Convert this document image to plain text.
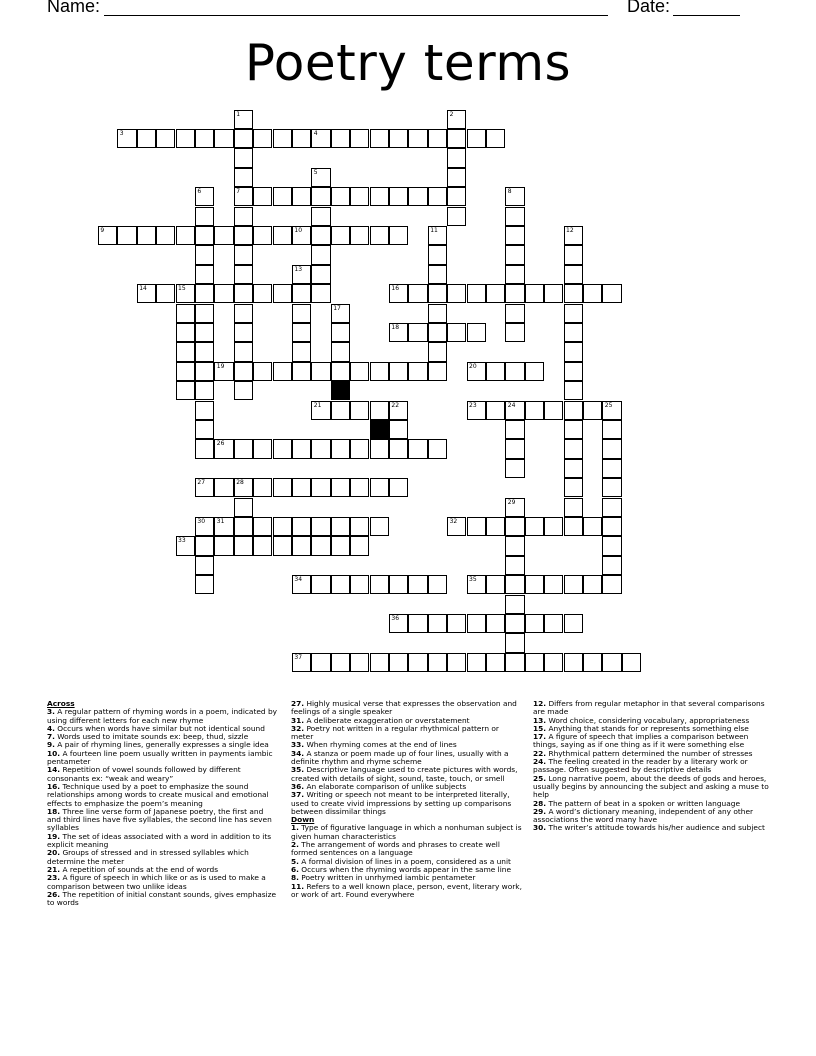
Name:	Date:
Poetry terms
1
7
2
3	4
5
6	8
9	10	11	12
13
14	15	16
17
18
19	20
21	22	23	24	25
26
27	28
29
30 31	32
33
34	35
36
37
Across
3. A regular pattern of rhyming words in a poem, indicated by using different letters for each new rhyme
4. Occurs when words have similar but not identical sound
7. Words used to imitate sounds ex: beep, thud, sizzle
9. A pair of rhyming lines, generally expresses a single idea
10. A fourteen line poem usually written in payments iambic pentameter
14. Repetition of vowel sounds followed by different consonants ex: “weak and weary”
16. Technique used by a poet to emphasize the sound relationships among words to create musical and emotional effects to emphasize the poem’s meaning
18. Three line verse form of Japanese poetry, the first and and third lines have five syllables, the second line has seven syllables
19. The set of ideas associated with a word in addition to its explicit meaning
20. Groups of stressed and in stressed syllables which determine the meter
21. A repetition of sounds at the end of words
23. A figure of speech in which like or as is used to make a comparison between two unlike ideas
26. The repetition of initial constant sounds, gives emphasize to words
27. Highly musical verse that expresses the observation and feelings of a single speaker
31. A deliberate exaggeration or overstatement
32. Poetry not written in a regular rhythmical pattern or meter
33. When rhyming comes at the end of lines
34. A stanza or poem made up of four lines, usually with a definite rhythm and rhyme scheme
35. Descriptive language used to create pictures with words, created with details of sight, sound, taste, touch, or smell
36. An elaborate comparison of unlike subjects
37. Writing or speech not meant to be interpreted literally, used to create vivid impressions by setting up comparisons between dissimilar things
Down
1. Type of figurative language in which a nonhuman subject is given human characteristics
2. The arrangement of words and phrases to create well formed sentences on a language
5. A formal division of lines in a poem, considered as a unit
6. Occurs when the rhyming words appear in the same line
8. Poetry written in unrhymed iambic pentameter
11. Refers to a well known place, person, event, literary work, or work of art. Found everywhere
12. Differs from regular metaphor in that several comparisons are made
13. Word choice, considering vocabulary, appropriateness
15. Anything that stands for or represents something else
17. A figure of speech that implies a comparison between things, saying as if one thing as if it were something else
22. Rhythmical pattern determined the number of stresses
24. The feeling created in the reader by a literary work or passage. Often suggested by descriptive details
25. Long narrative poem, about the deeds of gods and heroes, usually begins by announcing the subject and asking a muse to help
28. The pattern of beat in a spoken or written language
29. A word’s dictionary meaning, independent of any other associations the word many have
30. The writer’s attitude towards his/her audience and subject
